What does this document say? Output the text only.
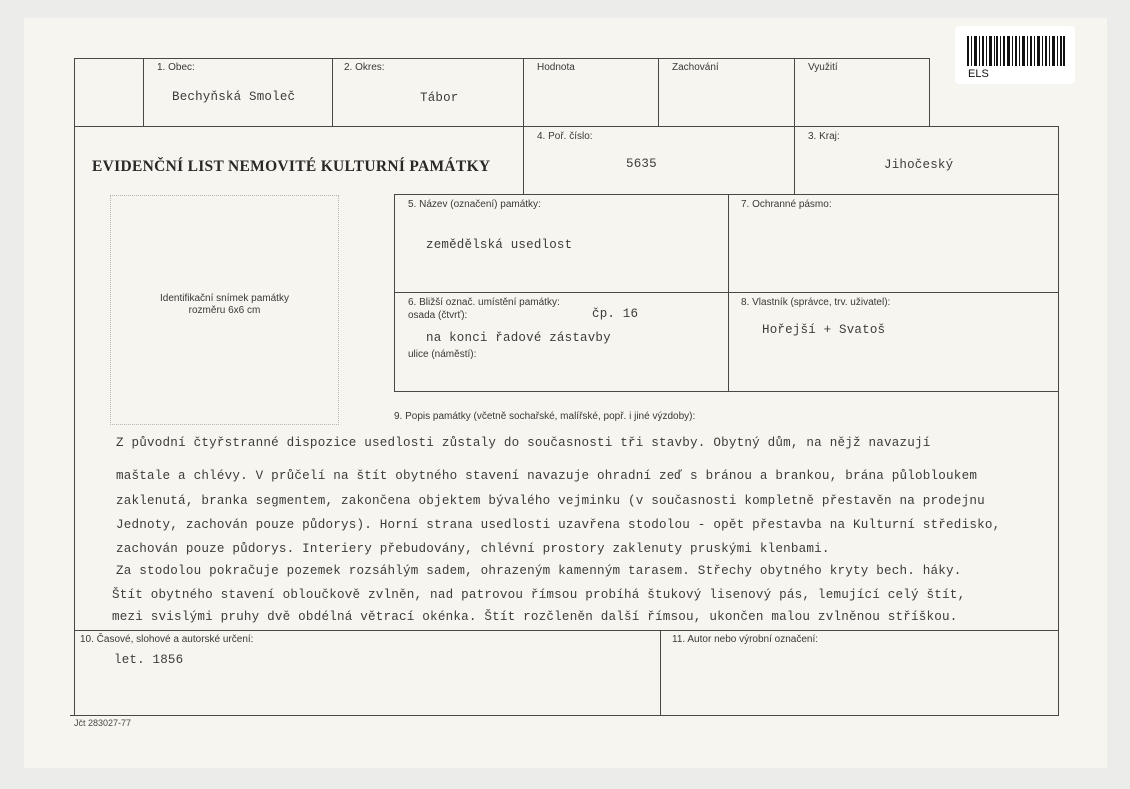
ELS
1. Obec:
Bechyňská Smoleč
2. Okres:
Tábor
Hodnota	Zachování	Využití
EVIDENČNÍ LIST NEMOVITÉ KULTURNÍ PAMÁTKY
4. Poř. číslo:
5635
3. Kraj:
Jihočeský
Identifikační snímek památky
rozměru 6x6 cm
5. Název (označení) památky:
zemědělská usedlost
7. Ochranné pásmo:
6. Bližší označ. umístění památky:
osada (čtvrť):	čp. 16
na konci řadové zástavby
ulice (náměstí):
8. Vlastník (správce, trv. uživatel):
Hořejší + Svatoš
9. Popis památky (včetně sochařské, malířské, popř. i jiné výzdoby):
Z původní čtyřstranné dispozice usedlosti zůstaly do současnosti tři stavby. Obytný dům, na nějž navazují
maštale a chlévy. V průčelí na štít obytného stavení navazuje ohradní zeď s bránou a brankou, brána půlobloukem
zaklenutá, branka segmentem, zakončena objektem bývalého vejminku (v současnosti kompletně přestavěn na prodejnu
Jednoty, zachován pouze půdorys). Horní strana usedlosti uzavřena stodolou - opět přestavba na Kulturní středisko,
zachován pouze půdorys. Interiery přebudovány, chlévní prostory zaklenuty pruskými klenbami.
Za stodolou pokračuje pozemek rozsáhlým sadem, ohrazeným kamenným tarasem. Střechy obytného kryty bech. háky.
Štít obytného stavení obloučkově zvlněn, nad patrovou římsou probíhá štukový lisenový pás, lemující celý štít,
mezi svislými pruhy dvě obdélná větrací okénka. Štít rozčleněn další římsou, ukončen malou zvlněnou stříškou.
10. Časové, slohové a autorské určení:
let. 1856
11. Autor nebo výrobní označení:
Jčt 283027-77
